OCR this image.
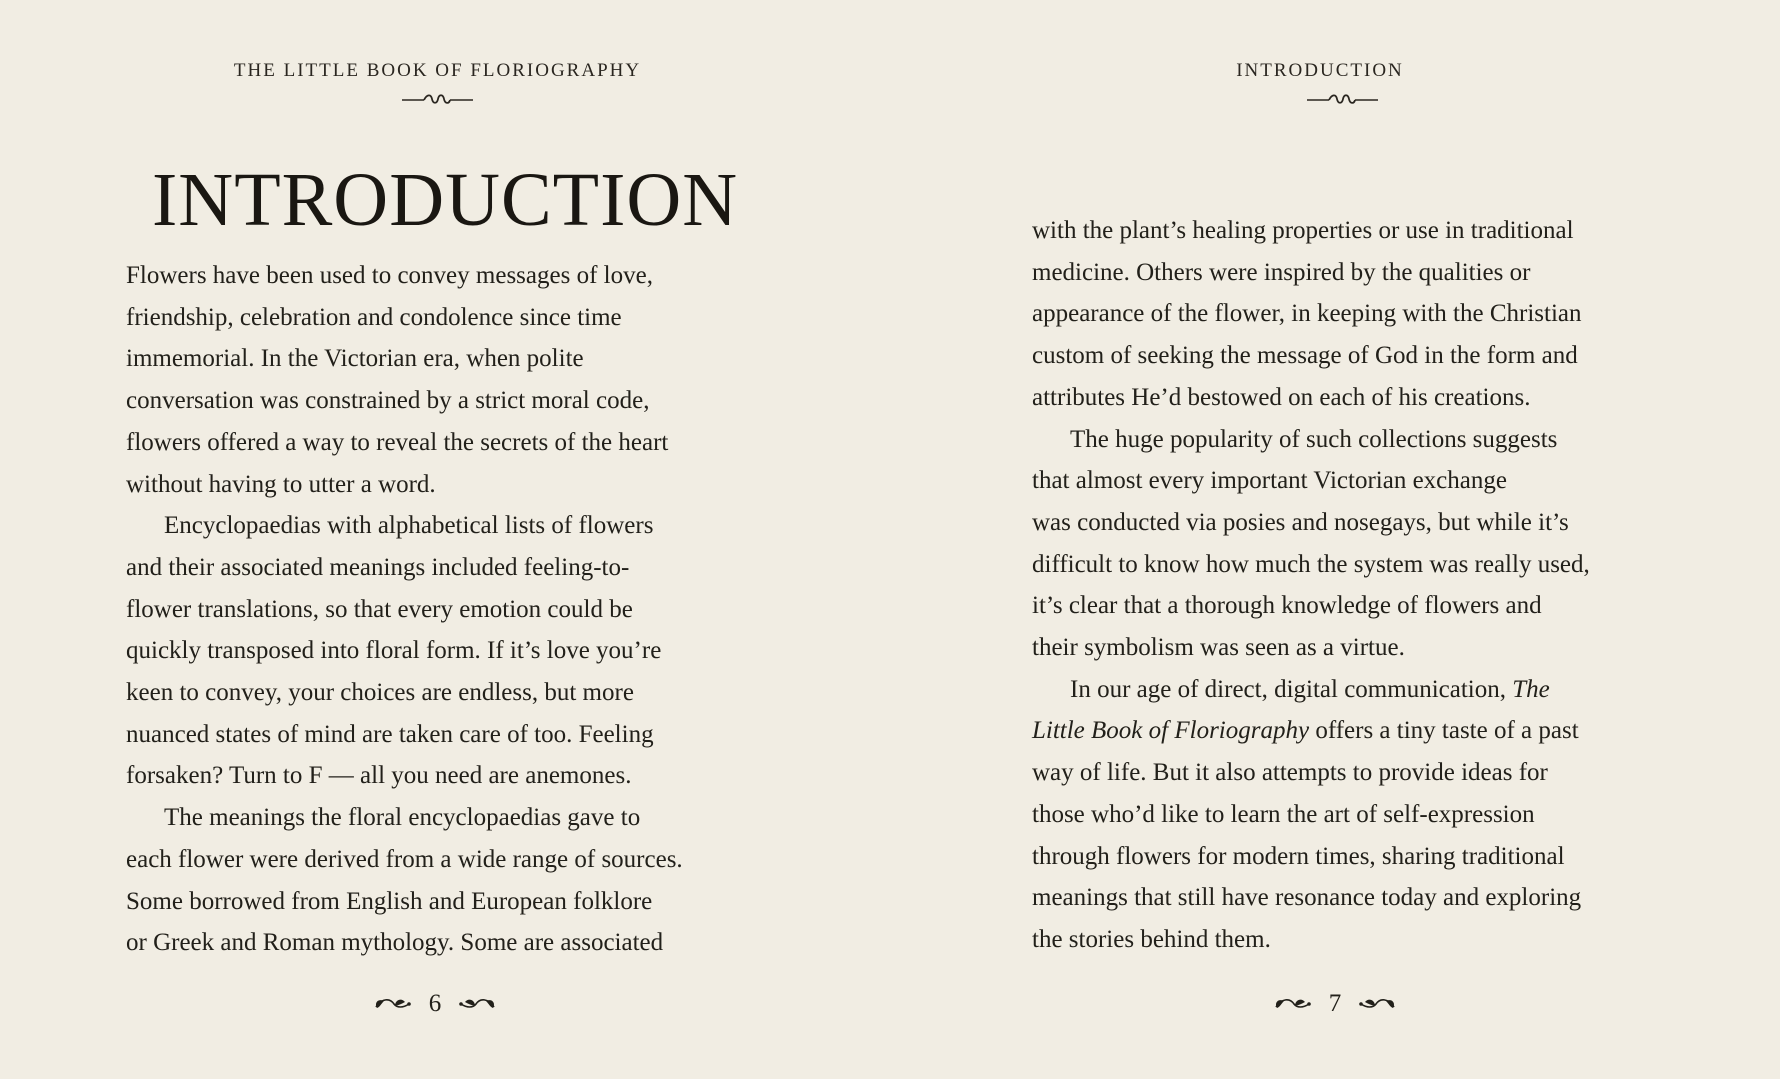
THE LITTLE BOOK OF FLORIOGRAPHY
INTRODUCTION
Flowers have been used to convey messages of love,
friendship, celebration and condolence since time
immemorial. In the Victorian era, when polite
conversation was constrained by a strict moral code,
flowers offered a way to reveal the secrets of the heart
without having to utter a word.
Encyclopaedias with alphabetical lists of flowers
and their associated meanings included feeling-to-
flower translations, so that every emotion could be
quickly transposed into floral form. If it’s love you’re
keen to convey, your choices are endless, but more
nuanced states of mind are taken care of too. Feeling
forsaken? Turn to F — all you need are anemones.
The meanings the floral encyclopaedias gave to
each flower were derived from a wide range of sources.
Some borrowed from English and European folklore
or Greek and Roman mythology. Some are associated
6
INTRODUCTION
with the plant’s healing properties or use in traditional
medicine. Others were inspired by the qualities or
appearance of the flower, in keeping with the Christian
custom of seeking the message of God in the form and
attributes He’d bestowed on each of his creations.
The huge popularity of such collections suggests
that almost every important Victorian exchange
was conducted via posies and nosegays, but while it’s
difficult to know how much the system was really used,
it’s clear that a thorough knowledge of flowers and
their symbolism was seen as a virtue.
In our age of direct, digital communication, The
Little Book of Floriography offers a tiny taste of a past
way of life. But it also attempts to provide ideas for
those who’d like to learn the art of self-expression
through flowers for modern times, sharing traditional
meanings that still have resonance today and exploring
the stories behind them.
7
